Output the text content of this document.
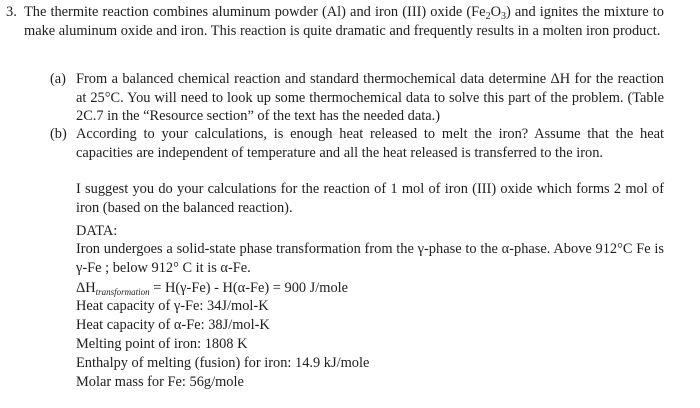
3. The thermite reaction combines aluminum powder (Al) and iron (III) oxide $(Fe_2O_3)$ and ignites the mixture to make aluminum oxide and iron. This reaction is quite dramatic and frequently results in a molten iron product.

(a) From a balanced chemical reaction and standard thermochemical data determine ΔH for the reaction at 25°C. You will need to look up some thermochemical data to solve this part of the problem. (Table 2C.7 in the “Resource section” of the text has the needed data.)

(b) According to your calculations, is enough heat released to melt the iron? Assume that the heat capacities are independent of temperature and all the heat released is transferred to the iron.

I suggest you do your calculations for the reaction of 1 mol of iron (III) oxide which forms 2 mol of iron (based on the balanced reaction).

DATA:

Iron undergoes a solid-state phase transformation from the γ-phase to the α-phase. Above 912°C Fe is γ-Fe ; below 912° C it is α-Fe.

$\Delta H_{transformation} = H(\gamma-Fe) - H(\alpha-Fe) = 900$ J/mole
Heat capacity of γ-Fe: 34J/mol-K
Heat capacity of α-Fe: 38J/mol-K
Melting point of iron: 1808 K
Enthalpy of melting (fusion) for iron: 14.9 kJ/mole
Molar mass for Fe: 56g/mole
